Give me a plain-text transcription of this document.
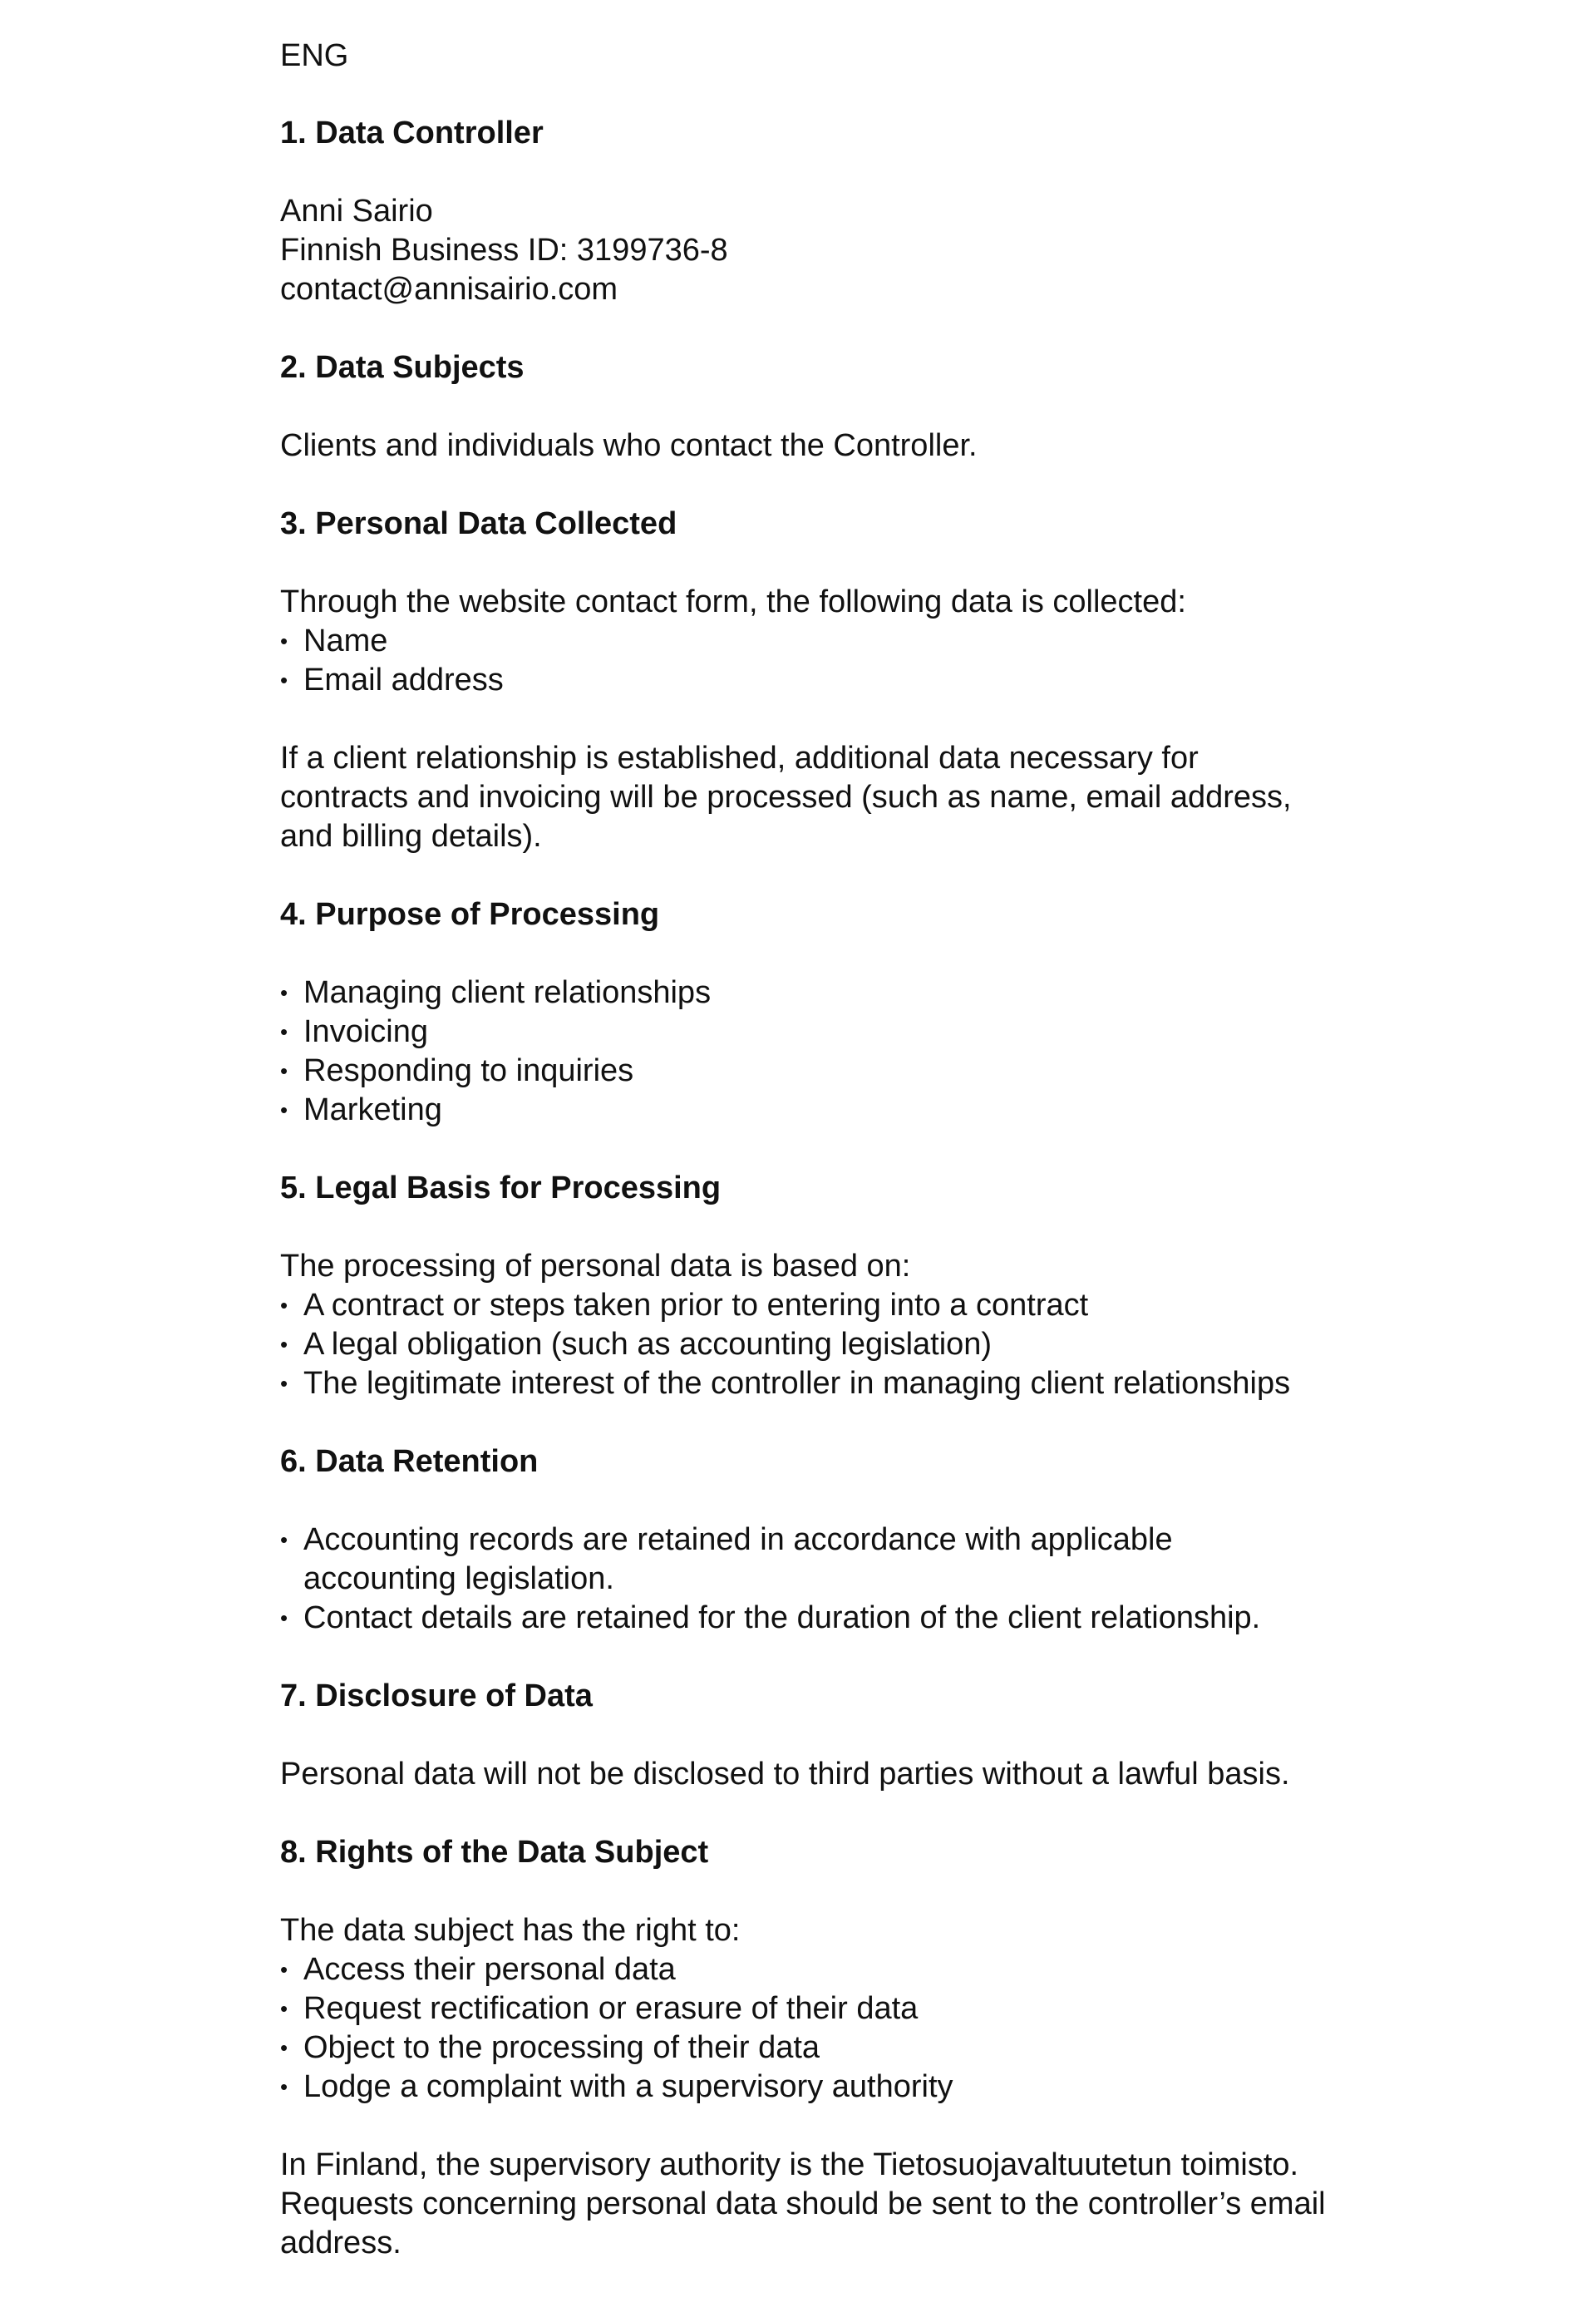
ENG
1. Data Controller

Anni Sairio

Finnish Business ID: 3199736-8

contact@annisairio.com

2. Data Subjects

Clients and individuals who contact the Controller.

3. Personal Data Collected

Through the website contact form, the following data is collected:

• Name
• Email address

If a client relationship is established, additional data necessary for
contracts and invoicing will be processed (such as name, email address,
and billing details).

4. Purpose of Processing
• Managing client relationships
• Invoicing
• Responding to inquiries
• Marketing
5. Legal Basis for Processing

The processing of personal data is based on:

• A contract or steps taken prior to entering into a contract
• A legal obligation (such as accounting legislation)
• The legitimate interest of the controller in managing client relationships
6. Data Retention
• Accounting records are retained in accordance with applicable
accounting legislation.
• Contact details are retained for the duration of the client relationship.
7. Disclosure of Data

Personal data will not be disclosed to third parties without a lawful basis.

8. Rights of the Data Subject

The data subject has the right to:

• Access their personal data
• Request rectification or erasure of their data
• Object to the processing of their data
• Lodge a complaint with a supervisory authority

In Finland, the supervisory authority is the Tietosuojavaltuutetun toimisto.
Requests concerning personal data should be sent to the controller’s email
address.
